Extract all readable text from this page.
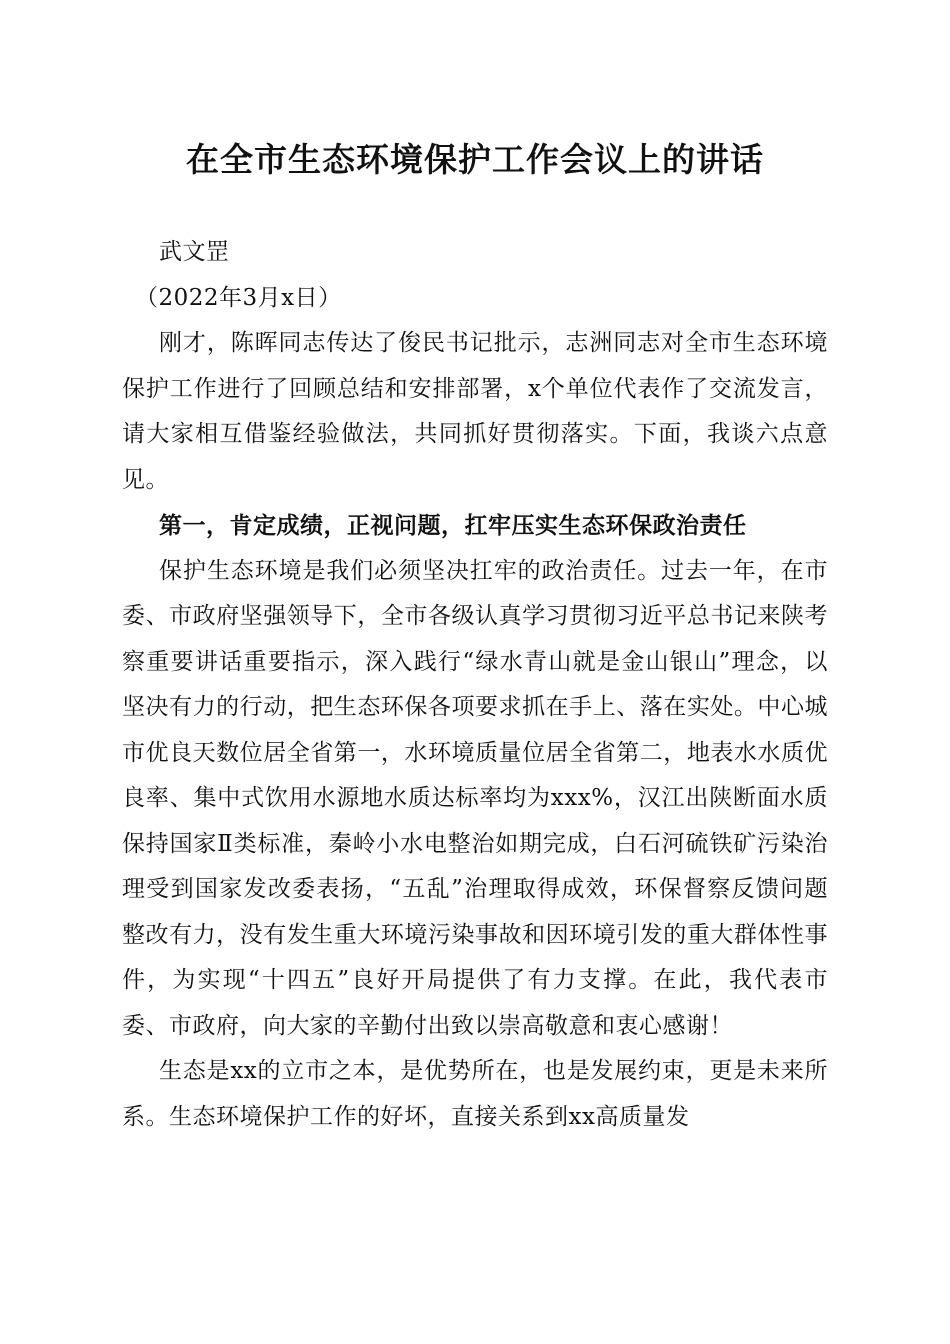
在全市生态环境保护工作会议上的讲话

武文罡

（2022年3月x日）

刚才，陈晖同志传达了俊民书记批示，志洲同志对全市生态环境保护工作进行了回顾总结和安排部署，x个单位代表作了交流发言，请大家相互借鉴经验做法，共同抓好贯彻落实。下面，我谈六点意见。

第一，肯定成绩，正视问题，扛牢压实生态环保政治责任

保护生态环境是我们必须坚决扛牢的政治责任。过去一年，在市委、市政府坚强领导下，全市各级认真学习贯彻习近平总书记来陕考察重要讲话重要指示，深入践行“绿水青山就是金山银山”理念，以坚决有力的行动，把生态环保各项要求抓在手上、落在实处。中心城市优良天数位居全省第一，水环境质量位居全省第二，地表水水质优良率、集中式饮用水源地水质达标率均为xxx%，汉江出陕断面水质保持国家Ⅱ类标准，秦岭小水电整治如期完成，白石河硫铁矿污染治理受到国家发改委表扬，“五乱”治理取得成效，环保督察反馈问题整改有力，没有发生重大环境污染事故和因环境引发的重大群体性事件，为实现“十四五”良好开局提供了有力支撑。在此，我代表市委、市政府，向大家的辛勤付出致以崇高敬意和衷心感谢！

生态是xx的立市之本，是优势所在，也是发展约束，更是未来所系。生态环境保护工作的好坏，直接关系到xx高质量发
